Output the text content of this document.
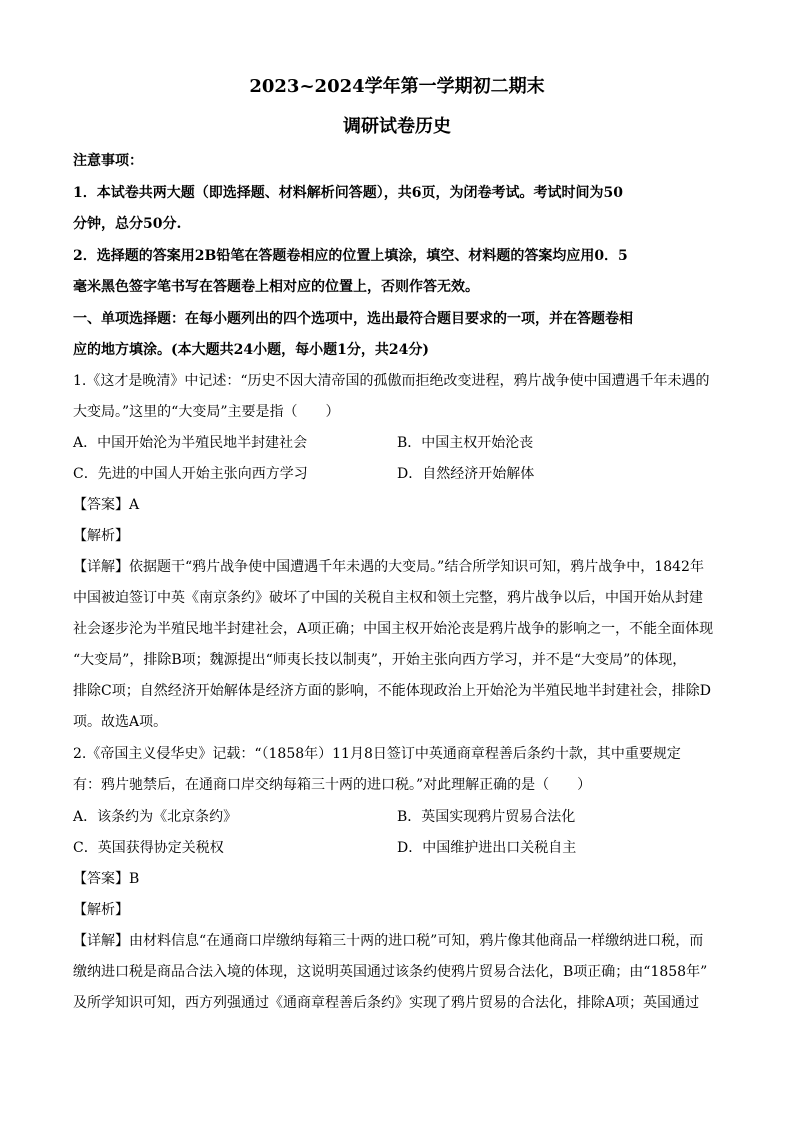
2023~2024学年第一学期初二期末
调研试卷历史
注意事项：
1．本试卷共两大题（即选择题、材料解析问答题），共6页，为闭卷考试。考试时间为50
分钟，总分50分.
2．选择题的答案用2B铅笔在答题卷相应的位置上填涂，填空、材料题的答案均应用0．5
毫米黑色签字笔书写在答题卷上相对应的位置上，否则作答无效。
一、单项选择题：在每小题列出的四个选项中，选出最符合题目要求的一项，并在答题卷相
应的地方填涂。(本大题共24小题，每小题1分，共24分)
1.《这才是晚清》中记述：“历史不因大清帝国的孤傲而拒绝改变进程，鸦片战争使中国遭遇千年未遇的
大变局。”这里的“大变局”主要是指（　　）
A．中国开始沦为半殖民地半封建社会	B．中国主权开始沦丧
C．先进的中国人开始主张向西方学习	D．自然经济开始解体
【答案】A
【解析】
【详解】依据题干“鸦片战争使中国遭遇千年未遇的大变局。”结合所学知识可知，鸦片战争中，1842年
中国被迫签订中英《南京条约》破坏了中国的关税自主权和领土完整，鸦片战争以后，中国开始从封建
社会逐步沦为半殖民地半封建社会，A项正确；中国主权开始沦丧是鸦片战争的影响之一，不能全面体现
“大变局”，排除B项；魏源提出“师夷长技以制夷”，开始主张向西方学习，并不是“大变局”的体现，
排除C项；自然经济开始解体是经济方面的影响，不能体现政治上开始沦为半殖民地半封建社会，排除D
项。故选A项。
2.《帝国主义侵华史》记载：“（1858年）11月8日签订中英通商章程善后条约十款，其中重要规定
有：鸦片驰禁后，在通商口岸交纳每箱三十两的进口税。”对此理解正确的是（　　）
A．该条约为《北京条约》	B．英国实现鸦片贸易合法化
C．英国获得协定关税权	D．中国维护进出口关税自主
【答案】B
【解析】
【详解】由材料信息“在通商口岸缴纳每箱三十两的进口税”可知，鸦片像其他商品一样缴纳进口税，而
缴纳进口税是商品合法入境的体现，这说明英国通过该条约使鸦片贸易合法化，B项正确；由“1858年”
及所学知识可知，西方列强通过《通商章程善后条约》实现了鸦片贸易的合法化，排除A项；英国通过
